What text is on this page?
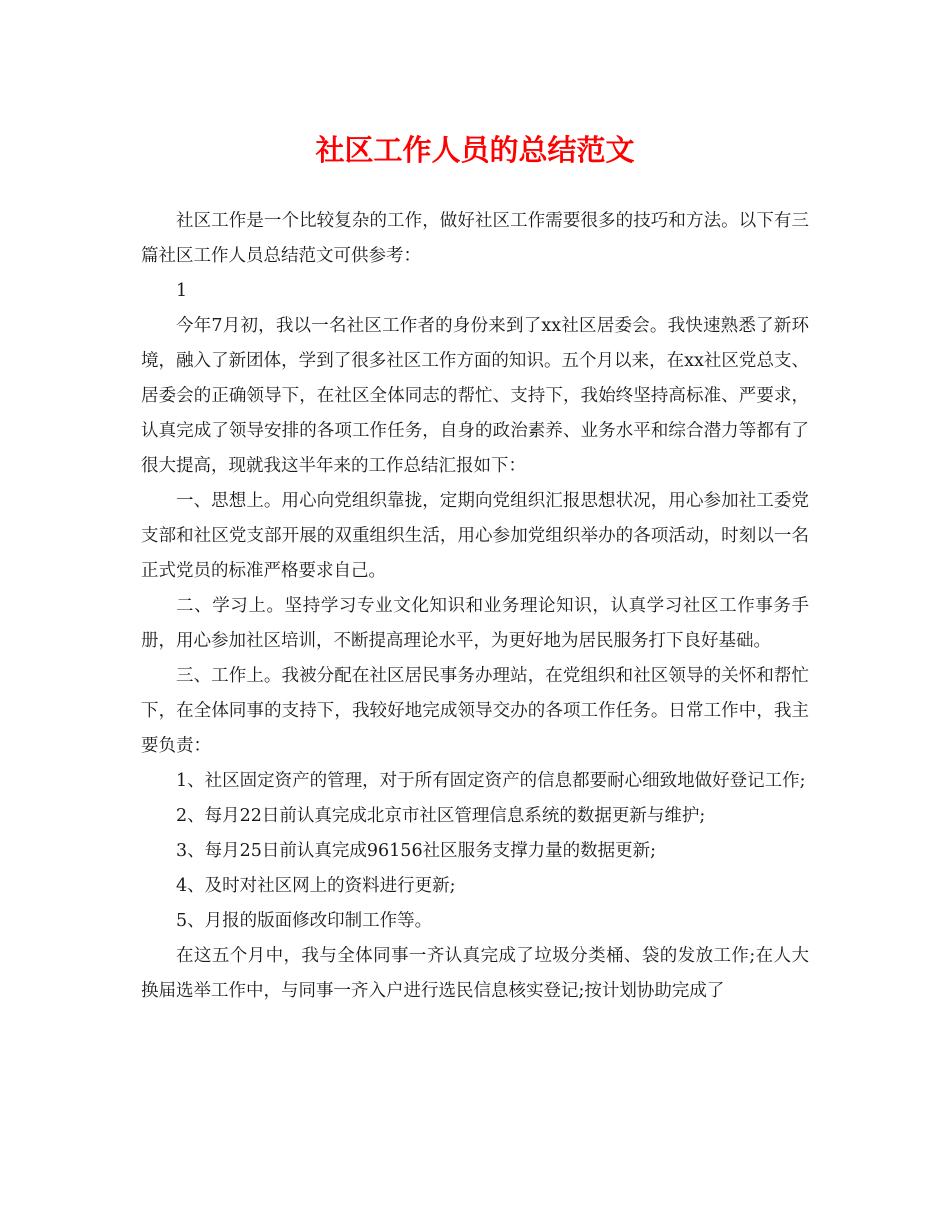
社区工作人员的总结范文

社区工作是一个比较复杂的工作，做好社区工作需要很多的技巧和方法。以下有三篇社区工作人员总结范文可供参考：

1

今年7月初，我以一名社区工作者的身份来到了xx社区居委会。我快速熟悉了新环境，融入了新团体，学到了很多社区工作方面的知识。五个月以来，在xx社区党总支、居委会的正确领导下，在社区全体同志的帮忙、支持下，我始终坚持高标准、严要求，认真完成了领导安排的各项工作任务，自身的政治素养、业务水平和综合潜力等都有了很大提高，现就我这半年来的工作总结汇报如下：

一、思想上。用心向党组织靠拢，定期向党组织汇报思想状况，用心参加社工委党支部和社区党支部开展的双重组织生活，用心参加党组织举办的各项活动，时刻以一名正式党员的标准严格要求自己。

二、学习上。坚持学习专业文化知识和业务理论知识，认真学习社区工作事务手册，用心参加社区培训，不断提高理论水平，为更好地为居民服务打下良好基础。

三、工作上。我被分配在社区居民事务办理站，在党组织和社区领导的关怀和帮忙下，在全体同事的支持下，我较好地完成领导交办的各项工作任务。日常工作中，我主要负责：

1、社区固定资产的管理，对于所有固定资产的信息都要耐心细致地做好登记工作;

2、每月22日前认真完成北京市社区管理信息系统的数据更新与维护;

3、每月25日前认真完成96156社区服务支撑力量的数据更新;

4、及时对社区网上的资料进行更新;

5、月报的版面修改印制工作等。

在这五个月中，我与全体同事一齐认真完成了垃圾分类桶、袋的发放工作;在人大换届选举工作中，与同事一齐入户进行选民信息核实登记;按计划协助完成了
